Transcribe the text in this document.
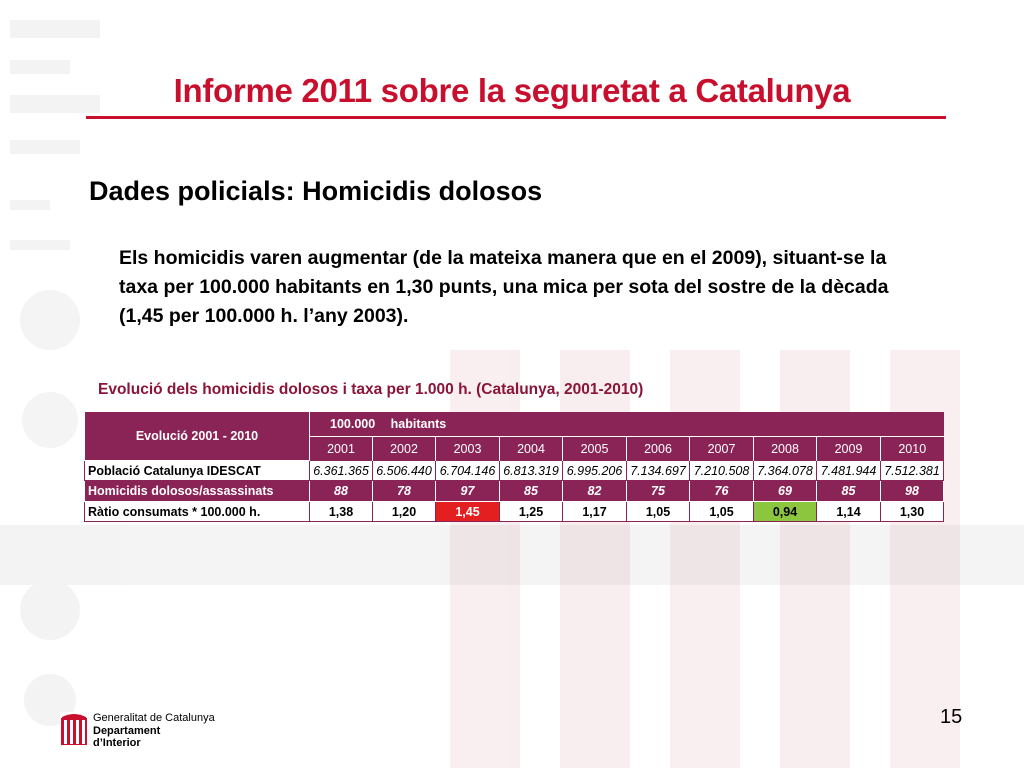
Informe 2011 sobre la seguretat a Catalunya
Dades policials: Homicidis dolosos
Els homicidis varen augmentar (de la mateixa manera que en el 2009), situant-se la taxa per 100.000 habitants en 1,30 punts, una mica per sota del sostre de la dècada (1,45 per 100.000 h. l’any 2003).
Evolució dels homicidis dolosos i taxa per 1.000 h. (Catalunya, 2001-2010)
Evolució 2001 - 2010	100.000 habitants									
	2001	2002	2003	2004	2005	2006	2007	2008	2009	2010
Població Catalunya IDESCAT	6.361.365	6.506.440	6.704.146	6.813.319	6.995.206	7.134.697	7.210.508	7.364.078	7.481.944	7.512.381
Homicidis dolosos/assassinats	88	78	97	85	82	75	76	69	85	98
Ràtio consumats * 100.000 h.	1,38	1,20	1,45	1,25	1,17	1,05	1,05	0,94	1,14	1,30
Generalitat de Catalunya
Departament
d’Interior
15
